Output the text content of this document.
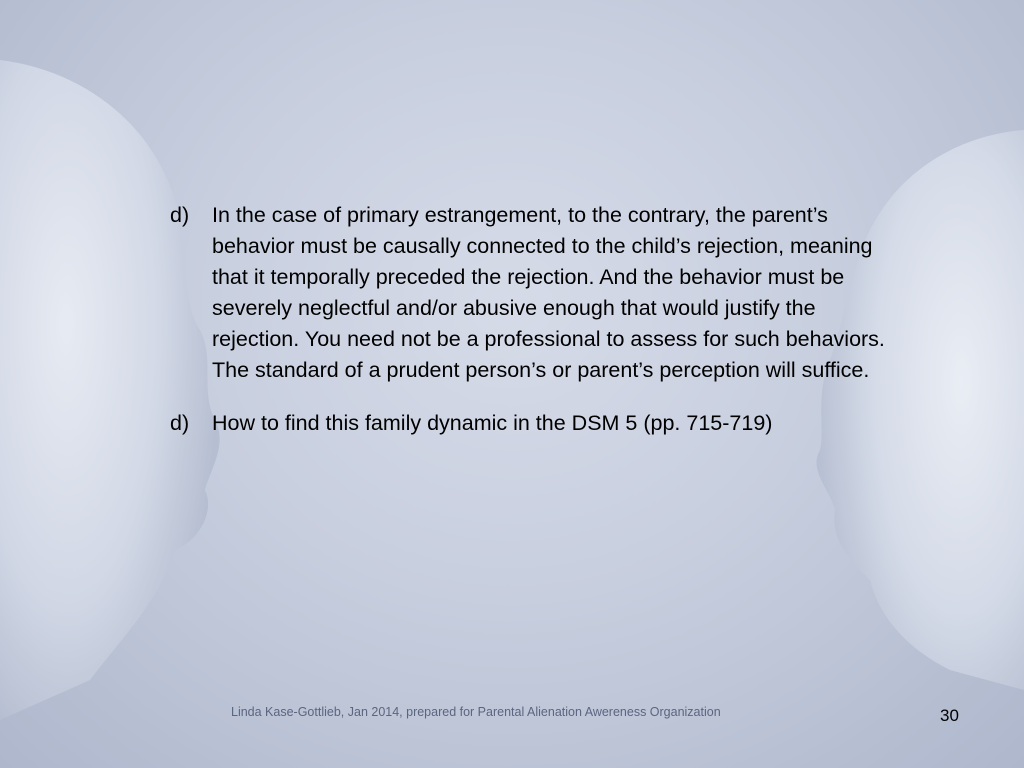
d)	In the case of primary estrangement, to the contrary, the parent’s behavior must be causally connected to the child’s rejection, meaning that it temporally preceded the rejection. And the behavior must be severely neglectful and/or abusive enough that would justify the rejection. You need not be a professional to assess for such behaviors. The standard of a prudent person’s or parent’s perception will suffice.
d)	How to find this family dynamic in the DSM 5 (pp. 715-719)
Linda Kase-Gottlieb, Jan 2014, prepared for Parental Alienation Awereness Organization	30
